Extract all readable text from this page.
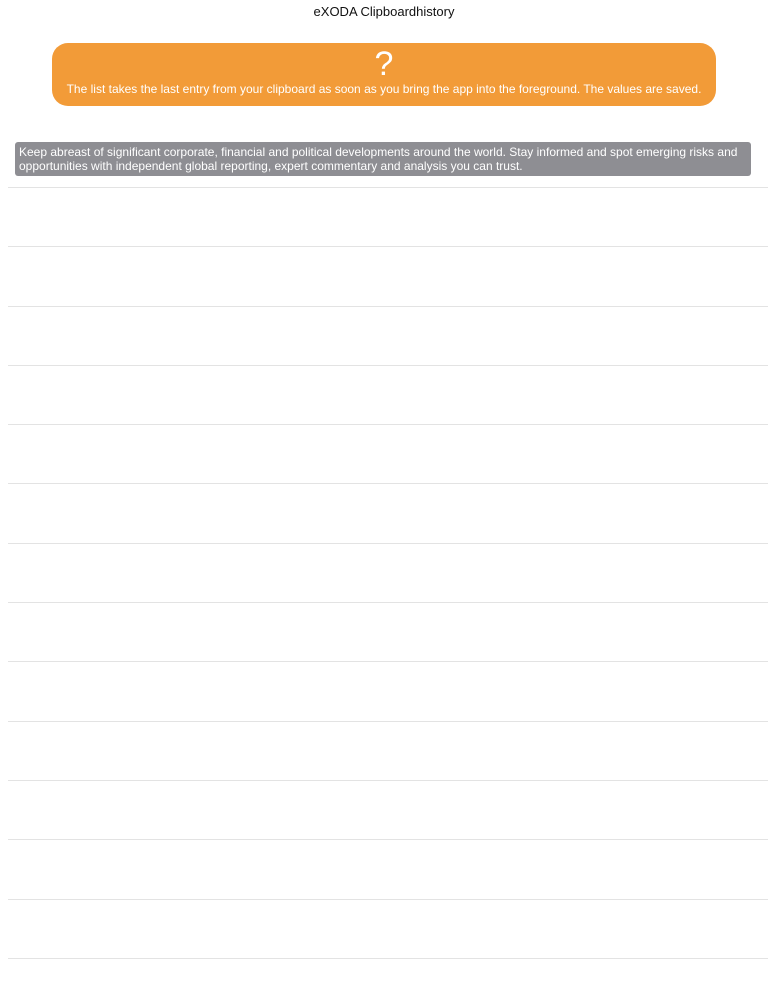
eXODA Clipboardhistory
?
The list takes the last entry from your clipboard as soon as you bring the app into the foreground. The values are saved.
Keep abreast of significant corporate, financial and political developments around the world. Stay informed and spot emerging risks and opportunities with independent global reporting, expert commentary and analysis you can trust.
